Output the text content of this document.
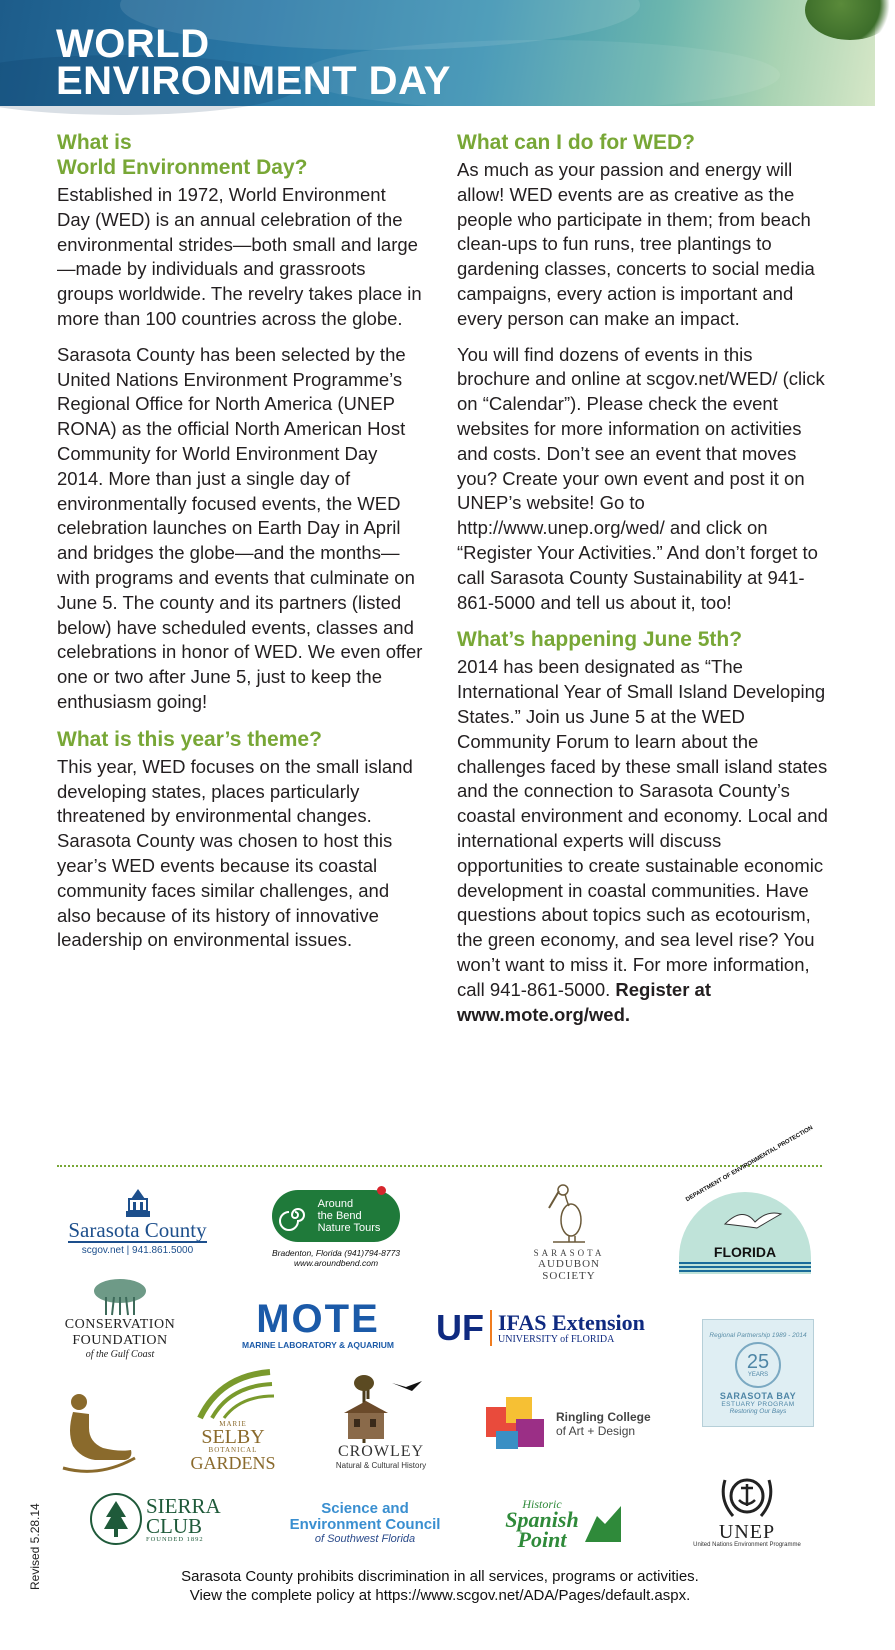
WORLD
ENVIRONMENT DAY
What is
World Environment Day?

Established in 1972, World Environment Day (WED) is an annual celebration of the environmental strides—both small and large—made by individuals and grassroots groups worldwide. The revelry takes place in more than 100 countries across the globe.

Sarasota County has been selected by the United Nations Environment Programme’s Regional Office for North America (UNEP RONA) as the official North American Host Community for World Environment Day 2014. More than just a single day of environmentally focused events, the WED celebration launches on Earth Day in April and bridges the globe—and the months—with programs and events that culminate on June 5. The county and its partners (listed below) have scheduled events, classes and celebrations in honor of WED. We even offer one or two after June 5, just to keep the enthusiasm going!

What is this year’s theme?

This year, WED focuses on the small island developing states, places particularly threatened by environmental changes. Sarasota County was chosen to host this year’s WED events because its coastal community faces similar challenges, and also because of its history of innovative leadership on environmental issues.

What can I do for WED?

As much as your passion and energy will allow! WED events are as creative as the people who participate in them; from beach clean-ups to fun runs, tree plantings to gardening classes, concerts to social media campaigns, every action is important and every person can make an impact.

You will find dozens of events in this brochure and online at scgov.net/WED/ (click on “Calendar”). Please check the event websites for more information on activities and costs. Don’t see an event that moves you? Create your own event and post it on UNEP’s website! Go to http://www.unep.org/wed/ and click on “Register Your Activities.” And don’t forget to call Sarasota County Sustainability at 941-861-5000 and tell us about it, too!

What’s happening June 5th?

2014 has been designated as “The International Year of Small Island Developing States.” Join us June 5 at the WED Community Forum to learn about the challenges faced by these small island states and the connection to Sarasota County’s coastal environment and economy. Local and international experts will discuss opportunities to create sustainable economic development in coastal communities. Have questions about topics such as ecotourism, the green economy, and sea level rise? You won’t want to miss it. For more information, call 941-861-5000. Register at www.mote.org/wed.

Sarasota County
scgov.net | 941.861.5000
Around
the Bend
Nature Tours
Bradenton, Florida (941)794-8773
www.aroundbend.com
SARASOTA
AUDUBON SOCIETY
DEPARTMENT OF ENVIRONMENTAL PROTECTION
FLORIDA
CONSERVATION
FOUNDATION
of the Gulf Coast
MOTE
MARINE LABORATORY & AQUARIUM UF IFAS Extension
UNIVERSITY of FLORIDA	Regional Partnership 1989 - 2014
25
YEARS
SARASOTA BAY
ESTUARY PROGRAM
Restoring Our Bays
MARIE
SELBY
BOTANICAL
GARDENS
CROWLEY
Natural & Cultural History
Ringling College
of Art + Design
SIERRA
CLUB
FOUNDED 1892
Science and
Environment Council
of Southwest Florida
Historic
Spanish
Point	UNEP
United Nations Environment Programme
Sarasota County prohibits discrimination in all services, programs or activities.
View the complete policy at https://www.scgov.net/ADA/Pages/default.aspx.
Revised 5.28.14
